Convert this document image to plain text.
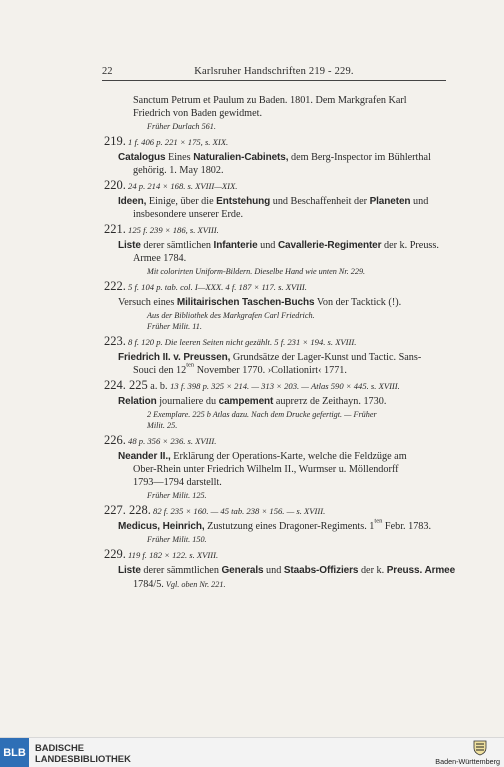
22	Karlsruher Handschriften 219 - 229.
Sanctum Petrum et Paulum zu Baden. 1801. Dem Markgrafen Karl
Friedrich von Baden gewidmet.
Früher Durlach 561.
219. 1 f. 406 p. 221 × 175, s. XIX.
Catalogus Eines Naturalien-Cabinets, dem Berg-Inspector im Bühlerthal
gehörig. 1. May 1802.
220. 24 p. 214 × 168. s. XVIII—XIX.
Ideen, Einige, über die Entstehung und Beschaffenheit der Planeten und
insbesondere unserer Erde.
221. 125 f. 239 × 186, s. XVIII.
Liste derer sämtlichen Infanterie und Cavallerie-Regimenter der k. Preuss.
Armee 1784.
Mit colorirten Uniform-Bildern. Dieselbe Hand wie unten Nr. 229.
222. 5 f. 104 p. tab. col. I—XXX. 4 f. 187 × 117. s. XVIII.
Versuch eines Militairischen Taschen-Buchs Von der Tacktick (!).
Aus der Bibliothek des Markgrafen Carl Friedrich.
Früher Milit. 11.
223. 8 f. 120 p. Die leeren Seiten nicht gezählt. 5 f. 231 × 194. s. XVIII.
Friedrich II. v. Preussen, Grundsätze der Lager-Kunst und Tactic. Sans-
Souci den $12^{ten}$ November 1770. ›Collationirt‹ 1771.
224. 225 a. b. 13 f. 398 p. 325 × 214. — 313 × 203. — Atlas 590 × 445. s. XVIII.
Relation journaliere du campement auprетz de Zeithayn. 1730.
2 Exemplare. 225 b Atlas dazu. Nach dem Drucke gefertigt. — Früher
Milit. 25.
226. 48 p. 356 × 236. s. XVIII.
Neander II., Erklärung der Operations-Karte, welche die Feldzüge am
Ober-Rhein unter Friedrich Wilhelm II., Wurmser u. Möllendorff
1793—1794 darstellt.
Früher Milit. 125.
227. 228. 82 f. 235 × 160. — 45 tab. 238 × 156. — s. XVIII.
Medicus, Heinrich, Zustutzung eines Dragoner-Regiments. $1^{ten}$ Febr. 1783.
Früher Milit. 150.
229. 119 f. 182 × 122. s. XVIII.
Liste derer sämmtlichen Generals und Staabs-Offiziers der k. Preuss. Armee
1784/5. Vgl. oben Nr. 221.
BLB BADISCHE
LANDESBIBLIOTHEK	Baden-Württemberg
